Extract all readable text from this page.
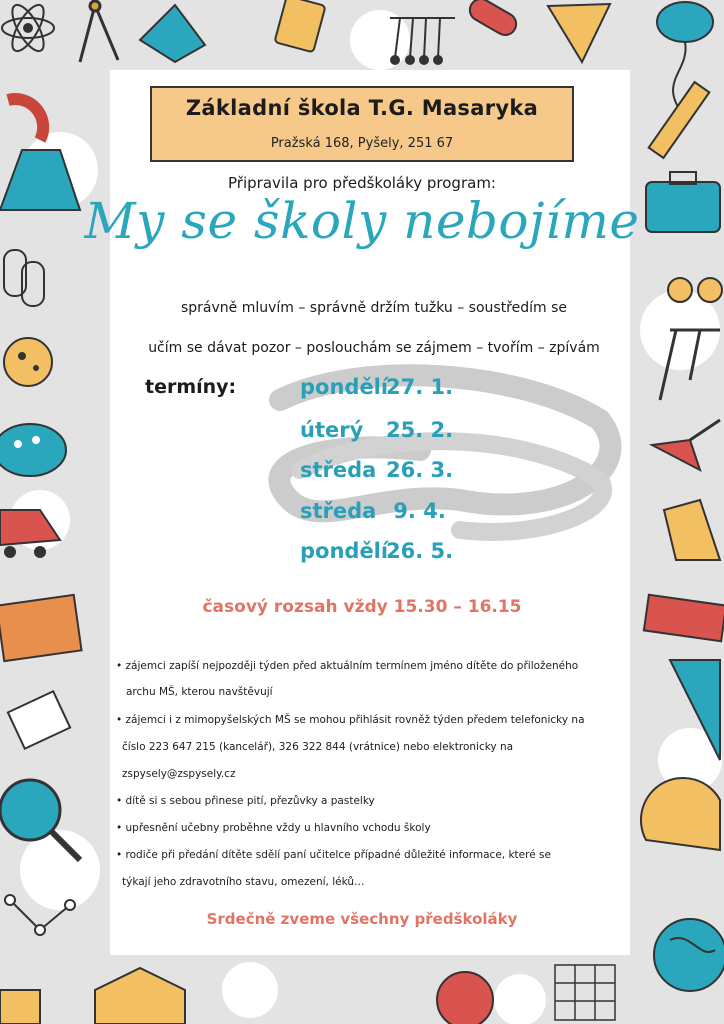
Základní škola T.G. Masaryka
Pražská 168, Pyšely, 251 67
Připravila pro předškoláky program:
My se školy nebojíme
správně mluvím – správně držím tužku – soustředím se
učím se dávat pozor – poslouchám se zájmem – tvořím – zpívám
termíny:	pondělí27. 1.
úterý 25. 2.
středa 26. 3.
středa 9. 4.
pondělí26. 5.
časový rozsah vždy 15.30 – 16.15
• zájemci zapíší nejpozději týden před aktuálním termínem jméno dítěte do přiloženého
archu MŠ, kterou navštěvují
• zájemci i z mimopyšelských MŠ se mohou přihlásit rovněž týden předem telefonicky na
číslo 223 647 215 (kancelář), 326 322 844 (vrátnice) nebo elektronicky na
zspysely@zspysely.cz
• dítě si s sebou přinese pití, přezůvky a pastelky
• upřesnění učebny proběhne vždy u hlavního vchodu školy
• rodiče při předání dítěte sdělí paní učitelce případné důležité informace, které se
týkají jeho zdravotního stavu, omezení, léků…
Srdečně zveme všechny předškoláky
